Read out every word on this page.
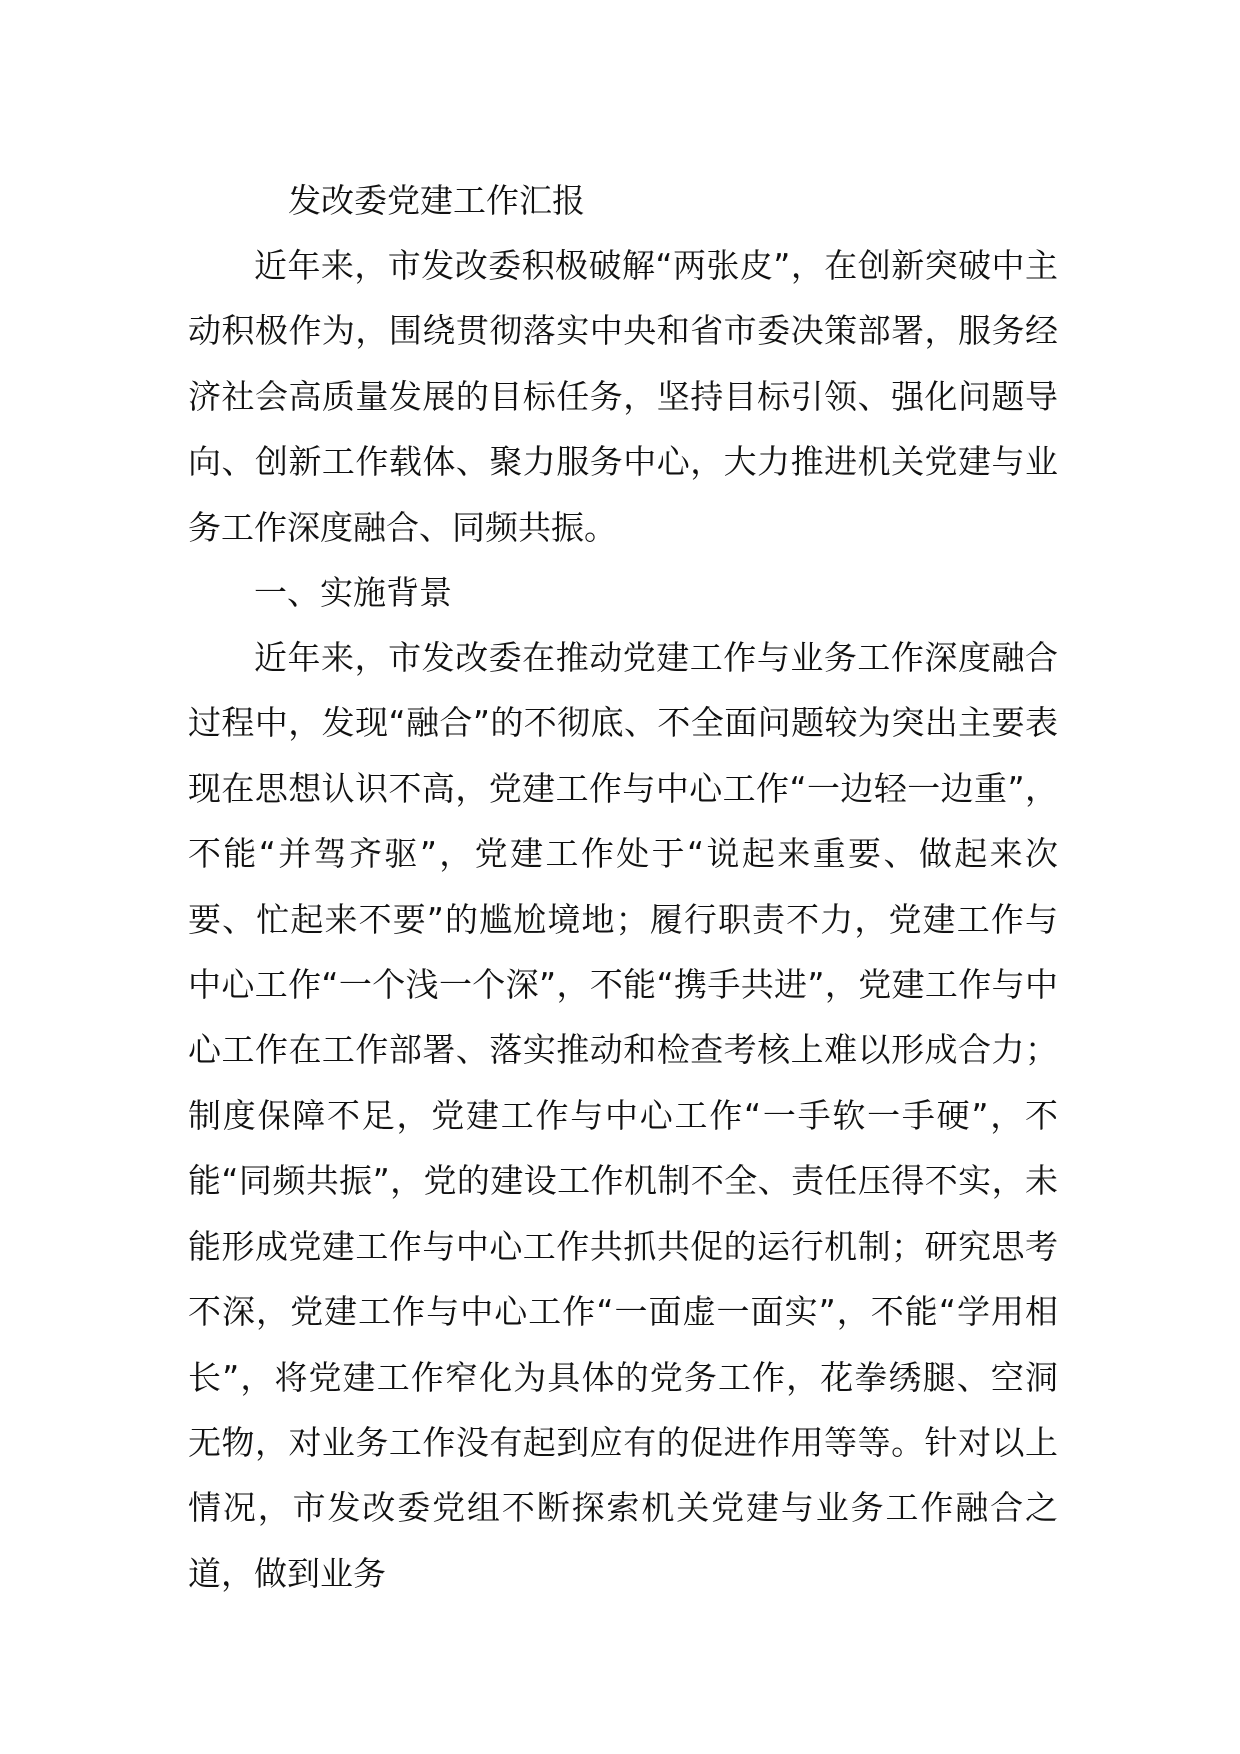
发改委党建工作汇报

近年来，市发改委积极破解“两张皮”，在创新突破中主动积极作为，围绕贯彻落实中央和省市委决策部署，服务经济社会高质量发展的目标任务，坚持目标引领、强化问题导向、创新工作载体、聚力服务中心，大力推进机关党建与业务工作深度融合、同频共振。

一、实施背景

近年来，市发改委在推动党建工作与业务工作深度融合过程中，发现“融合”的不彻底、不全面问题较为突出主要表现在思想认识不高，党建工作与中心工作“一边轻一边重”，不能“并驾齐驱”，党建工作处于“说起来重要、做起来次要、忙起来不要”的尴尬境地；履行职责不力，党建工作与中心工作“一个浅一个深”，不能“携手共进”，党建工作与中心工作在工作部署、落实推动和检查考核上难以形成合力；制度保障不足，党建工作与中心工作“一手软一手硬”，不能“同频共振”，党的建设工作机制不全、责任压得不实，未能形成党建工作与中心工作共抓共促的运行机制；研究思考不深，党建工作与中心工作“一面虚一面实”，不能“学用相长”，将党建工作窄化为具体的党务工作，花拳绣腿、空洞无物，对业务工作没有起到应有的促进作用等等。针对以上情况，市发改委党组不断探索机关党建与业务工作融合之道，做到业务
